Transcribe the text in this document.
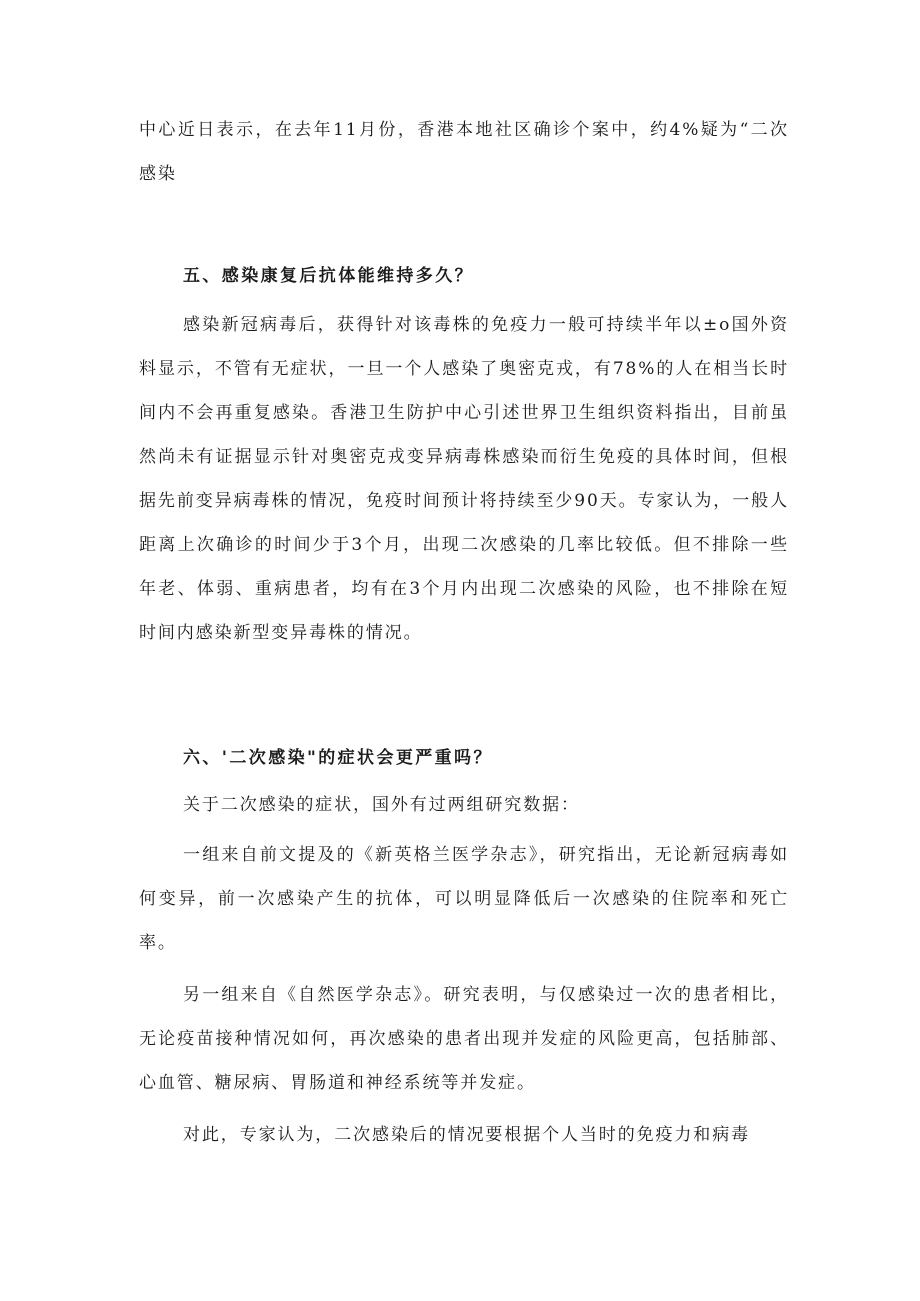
中心近日表示，在去年11月份，香港本地社区确诊个案中，约4%疑为“二次感染

五、感染康复后抗体能维持多久？

感染新冠病毒后，获得针对该毒株的免疫力一般可持续半年以±o国外资料显示，不管有无症状，一旦一个人感染了奥密克戎，有78%的人在相当长时间内不会再重复感染。香港卫生防护中心引述世界卫生组织资料指出，目前虽然尚未有证据显示针对奥密克戎变异病毒株感染而衍生免疫的具体时间，但根据先前变异病毒株的情况，免疫时间预计将持续至少90天。专家认为，一般人距离上次确诊的时间少于3个月，出现二次感染的几率比较低。但不排除一些年老、体弱、重病患者，均有在3个月内出现二次感染的风险，也不排除在短时间内感染新型变异毒株的情况。

六、'二次感染"的症状会更严重吗？

关于二次感染的症状，国外有过两组研究数据：

一组来自前文提及的《新英格兰医学杂志》，研究指出，无论新冠病毒如何变异，前一次感染产生的抗体，可以明显降低后一次感染的住院率和死亡率。

另一组来自《自然医学杂志》。研究表明，与仅感染过一次的患者相比，无论疫苗接种情况如何，再次感染的患者出现并发症的风险更高，包括肺部、心血管、糖尿病、胃肠道和神经系统等并发症。

对此，专家认为，二次感染后的情况要根据个人当时的免疫力和病毒
